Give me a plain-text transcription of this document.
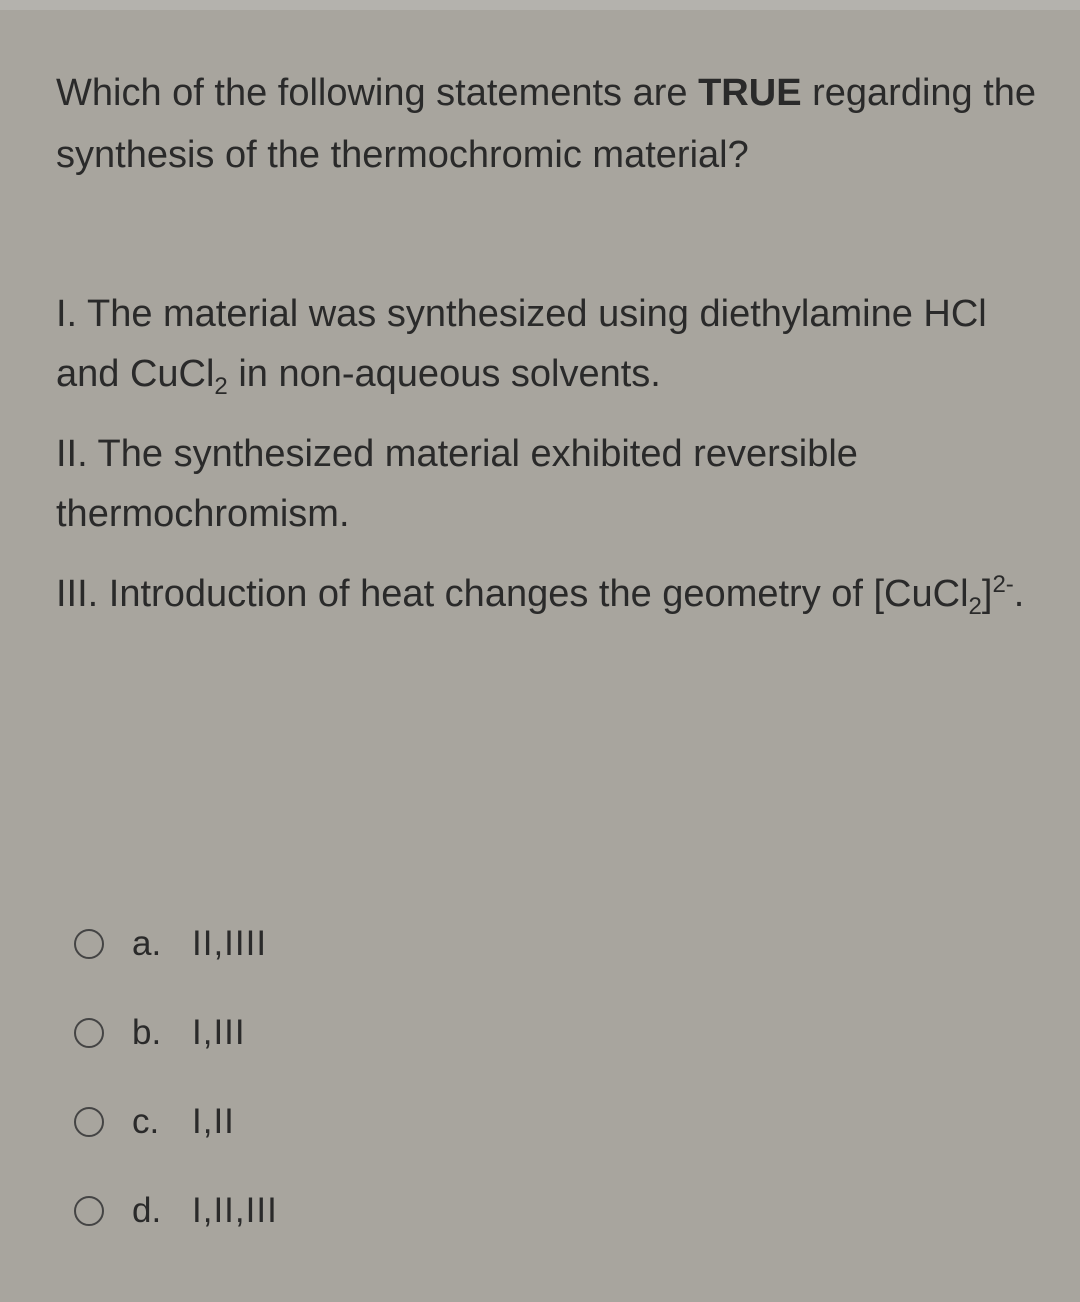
Which of the following statements are TRUE regarding the synthesis of the thermochromic material?
I. The material was synthesized using diethylamine HCl and CuCl$_2$ in non-aqueous solvents.
II. The synthesized material exhibited reversible thermochromism.
III. Introduction of heat changes the geometry of [CuCl$_2$]$^{2-}$.
a. II,IIII
b. I,III
c. I,II
d. I,II,III
